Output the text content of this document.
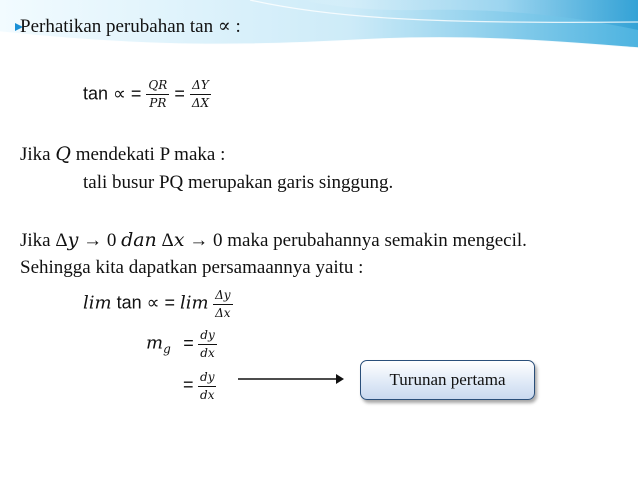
Perhatikan perubahan tan ∝ :
tan ∝ = $\frac{QR}{PR} = \frac{\Delta Y}{\Delta X}$
Jika Q mendekati P maka :
tali busur PQ merupakan garis singgung.
Jika Δy → 0 dan Δx → 0 maka perubahannya semakin mengecil.
Sehingga kita dapatkan persamaannya yaitu :
lim tan ∝ = $\lim \frac{\Delta y}{\Delta x}$
$m_g = \frac{dy}{dx}$
= $\frac{dy}{dx}$	Turunan pertama
